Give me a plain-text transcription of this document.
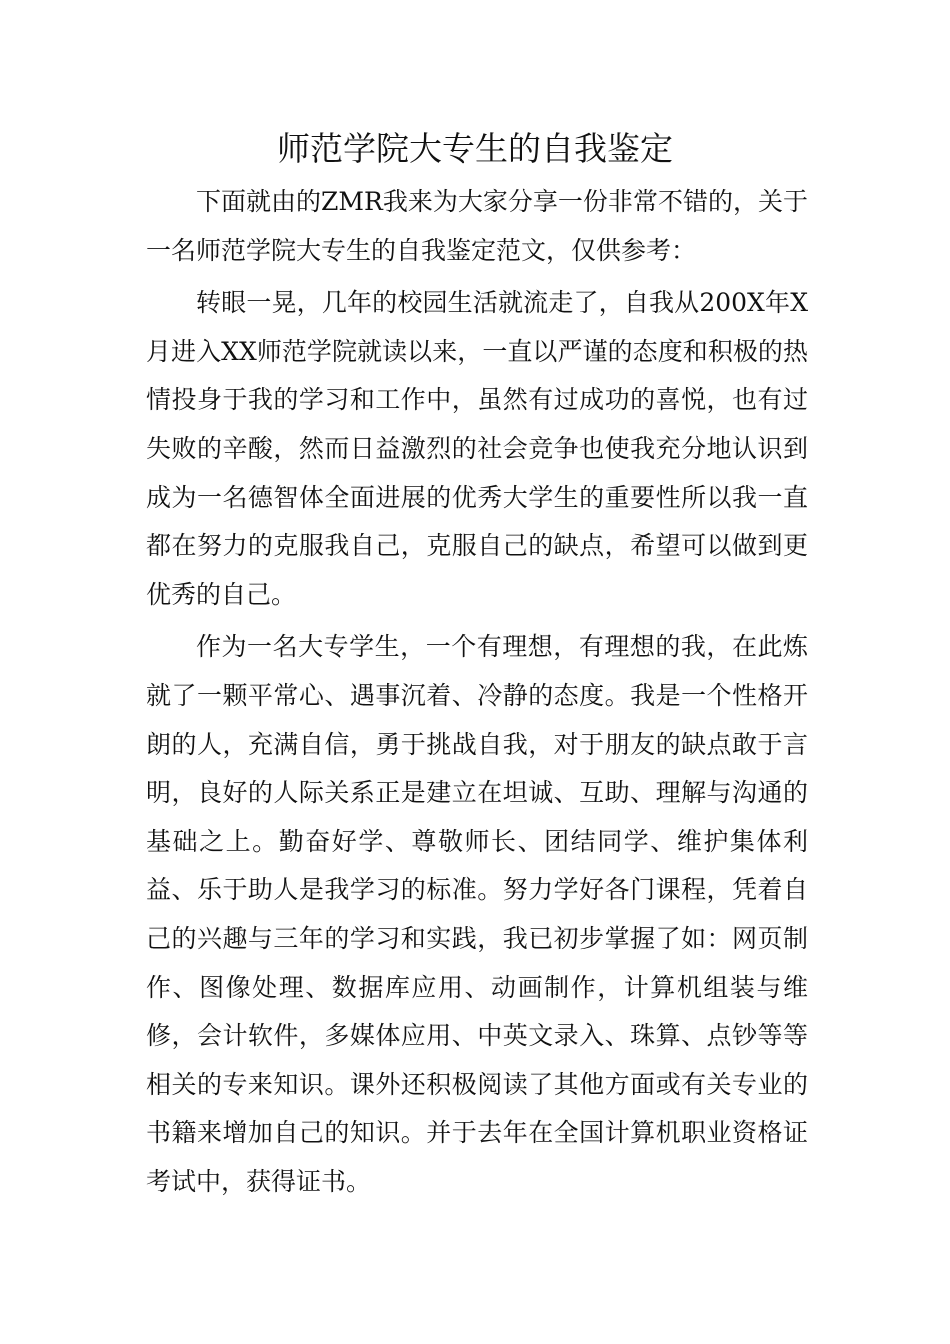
师范学院大专生的自我鉴定

下面就由的ZMR我来为大家分享一份非常不错的，关于一名师范学院大专生的自我鉴定范文，仅供参考：

转眼一晃，几年的校园生活就流走了，自我从200X年X月进入XX师范学院就读以来，一直以严谨的态度和积极的热情投身于我的学习和工作中，虽然有过成功的喜悦，也有过失败的辛酸，然而日益激烈的社会竞争也使我充分地认识到成为一名德智体全面进展的优秀大学生的重要性所以我一直都在努力的克服我自己，克服自己的缺点，希望可以做到更优秀的自己。

作为一名大专学生，一个有理想，有理想的我，在此炼就了一颗平常心、遇事沉着、冷静的态度。我是一个性格开朗的人，充满自信，勇于挑战自我，对于朋友的缺点敢于言明，良好的人际关系正是建立在坦诚、互助、理解与沟通的基础之上。勤奋好学、尊敬师长、团结同学、维护集体利益、乐于助人是我学习的标准。努力学好各门课程，凭着自己的兴趣与三年的学习和实践，我已初步掌握了如：网页制作、图像处理、数据库应用、动画制作，计算机组装与维修，会计软件，多媒体应用、中英文录入、珠算、点钞等等相关的专来知识。课外还积极阅读了其他方面或有关专业的书籍来增加自己的知识。并于去年在全国计算机职业资格证考试中，获得证书。
